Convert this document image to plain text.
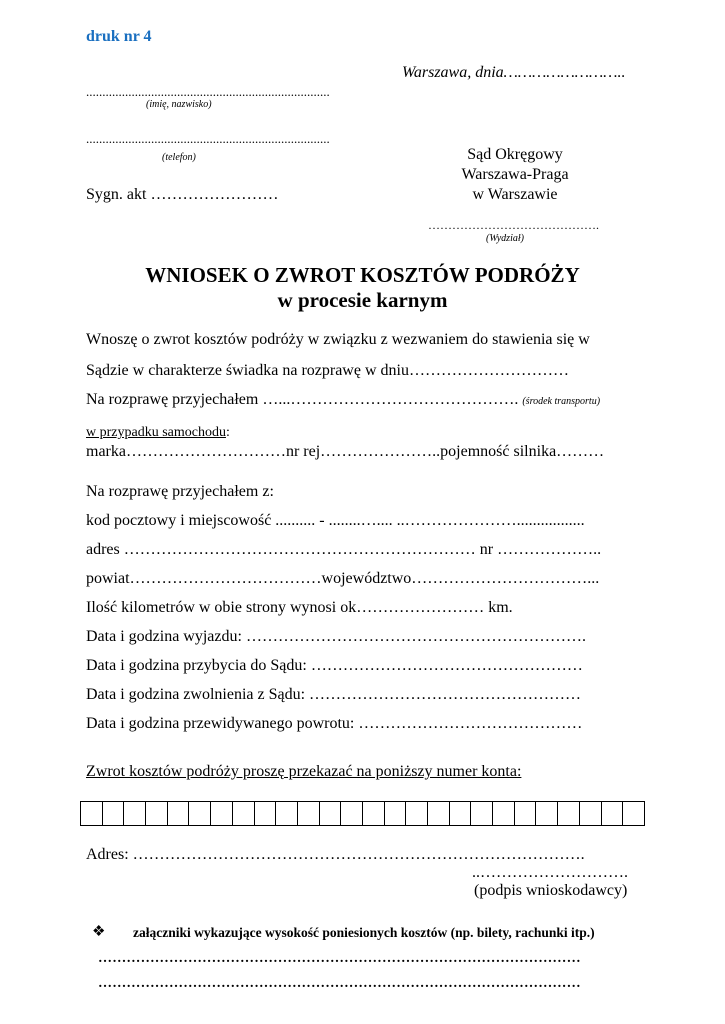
druk nr 4
Warszawa, dnia……………………..
...........................................................................
(imię, nazwisko)
...........................................................................
(telefon)
Sygn. akt ……………………
Sąd Okręgowy
Warszawa-Praga
w Warszawie
…………………………………….
(Wydział)
WNIOSEK O ZWROT KOSZTÓW PODRÓŻY
w procesie karnym
Wnoszę o zwrot kosztów podróży w związku z wezwaniem do stawienia się w
Sądzie w charakterze świadka na rozprawę w dniu…………………………
Na rozprawę przyjechałem …...……………………………………. (środek transportu)
w przypadku samochodu:
marka…………………………nr rej…………………..pojemność silnika………
Na rozprawę przyjechałem z:
kod pocztowy i miejscowość .......... - ........….... ..………………….................
adres ………………………………………………………… nr ………………..
powiat………………………………województwo……………………………...
Ilość kilometrów w obie strony wynosi ok…………………… km.
Data i godzina wyjazdu: ……………………………………………………….
Data i godzina przybycia do Sądu: ……………………………………………
Data i godzina zwolnienia z Sądu: ……………………………………………
Data i godzina przewidywanego powrotu: ……………………………………
Zwrot kosztów podróży proszę przekazać na poniższy numer konta:
Adres: ………………………………………………………………………….
..……………………….
(podpis wnioskodawcy)
❖ załączniki wykazujące wysokość poniesionych kosztów (np. bilety, rachunki itp.)
…………………………………………………………………………………………
…………………………………………………………………………………………
